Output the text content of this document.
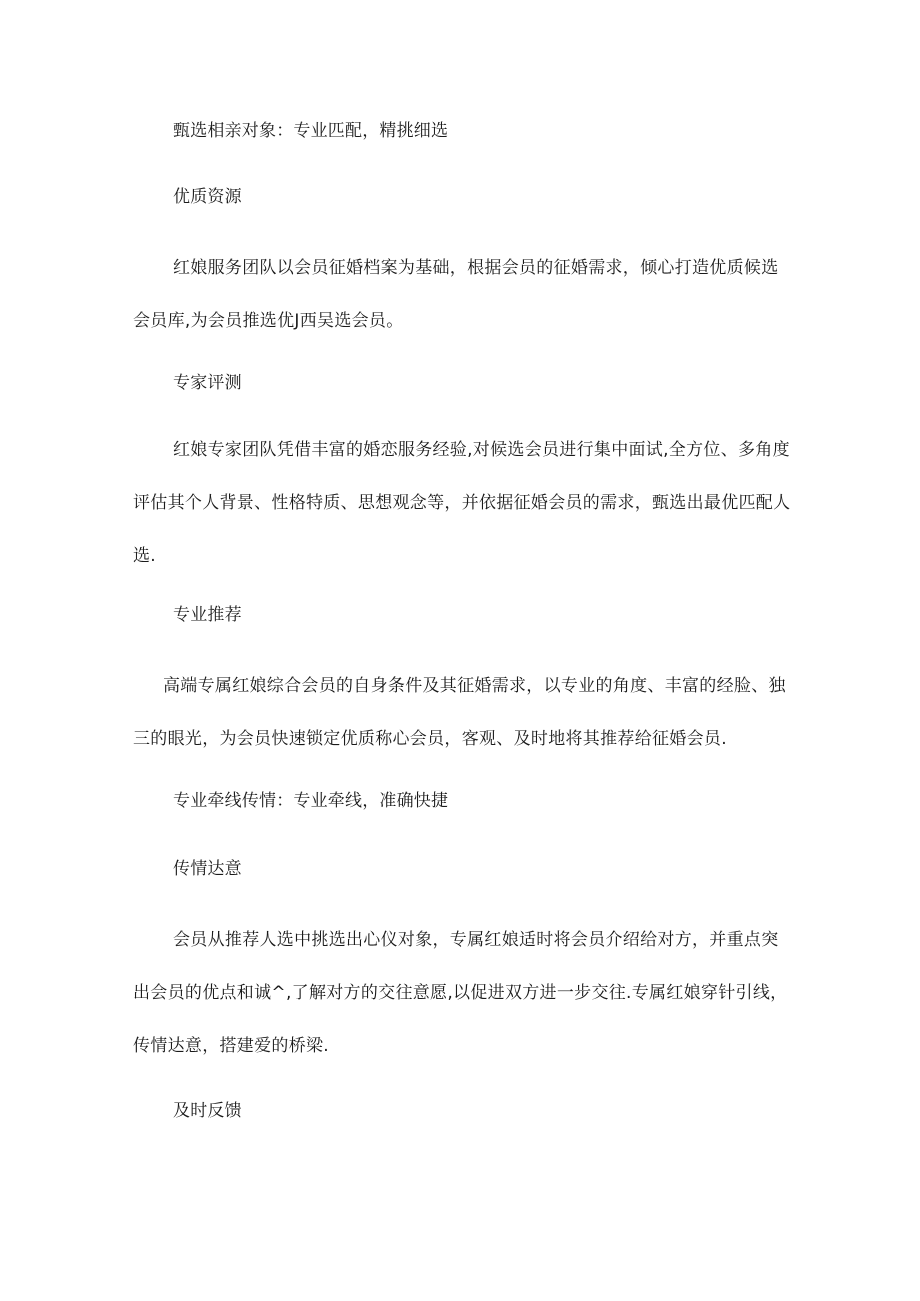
甄选相亲对象：专业匹配，精挑细选
优质资源
红娘服务团队以会员征婚档案为基础，根据会员的征婚需求，倾心打造优质候选会员库,为会员推选优J西吴选会员。
专家评测
红娘专家团队凭借丰富的婚恋服务经验,对候选会员进行集中面试,全方位、多角度评估其个人背景、性格特质、思想观念等，并依据征婚会员的需求，甄选出最优匹配人选.
专业推荐
高端专属红娘综合会员的自身条件及其征婚需求，以专业的角度、丰富的经脸、独三的眼光，为会员快速锁定优质称心会员，客观、及时地将其推荐给征婚会员.
专业牵线传情：专业牵线，准确快捷
传情达意
会员从推荐人选中挑选出心仪对象，专属红娘适时将会员介绍给对方，并重点突出会员的优点和诚^,了解对方的交往意愿,以促进双方进一步交往.专属红娘穿针引线，传情达意，搭建爱的桥梁.
及时反馈
